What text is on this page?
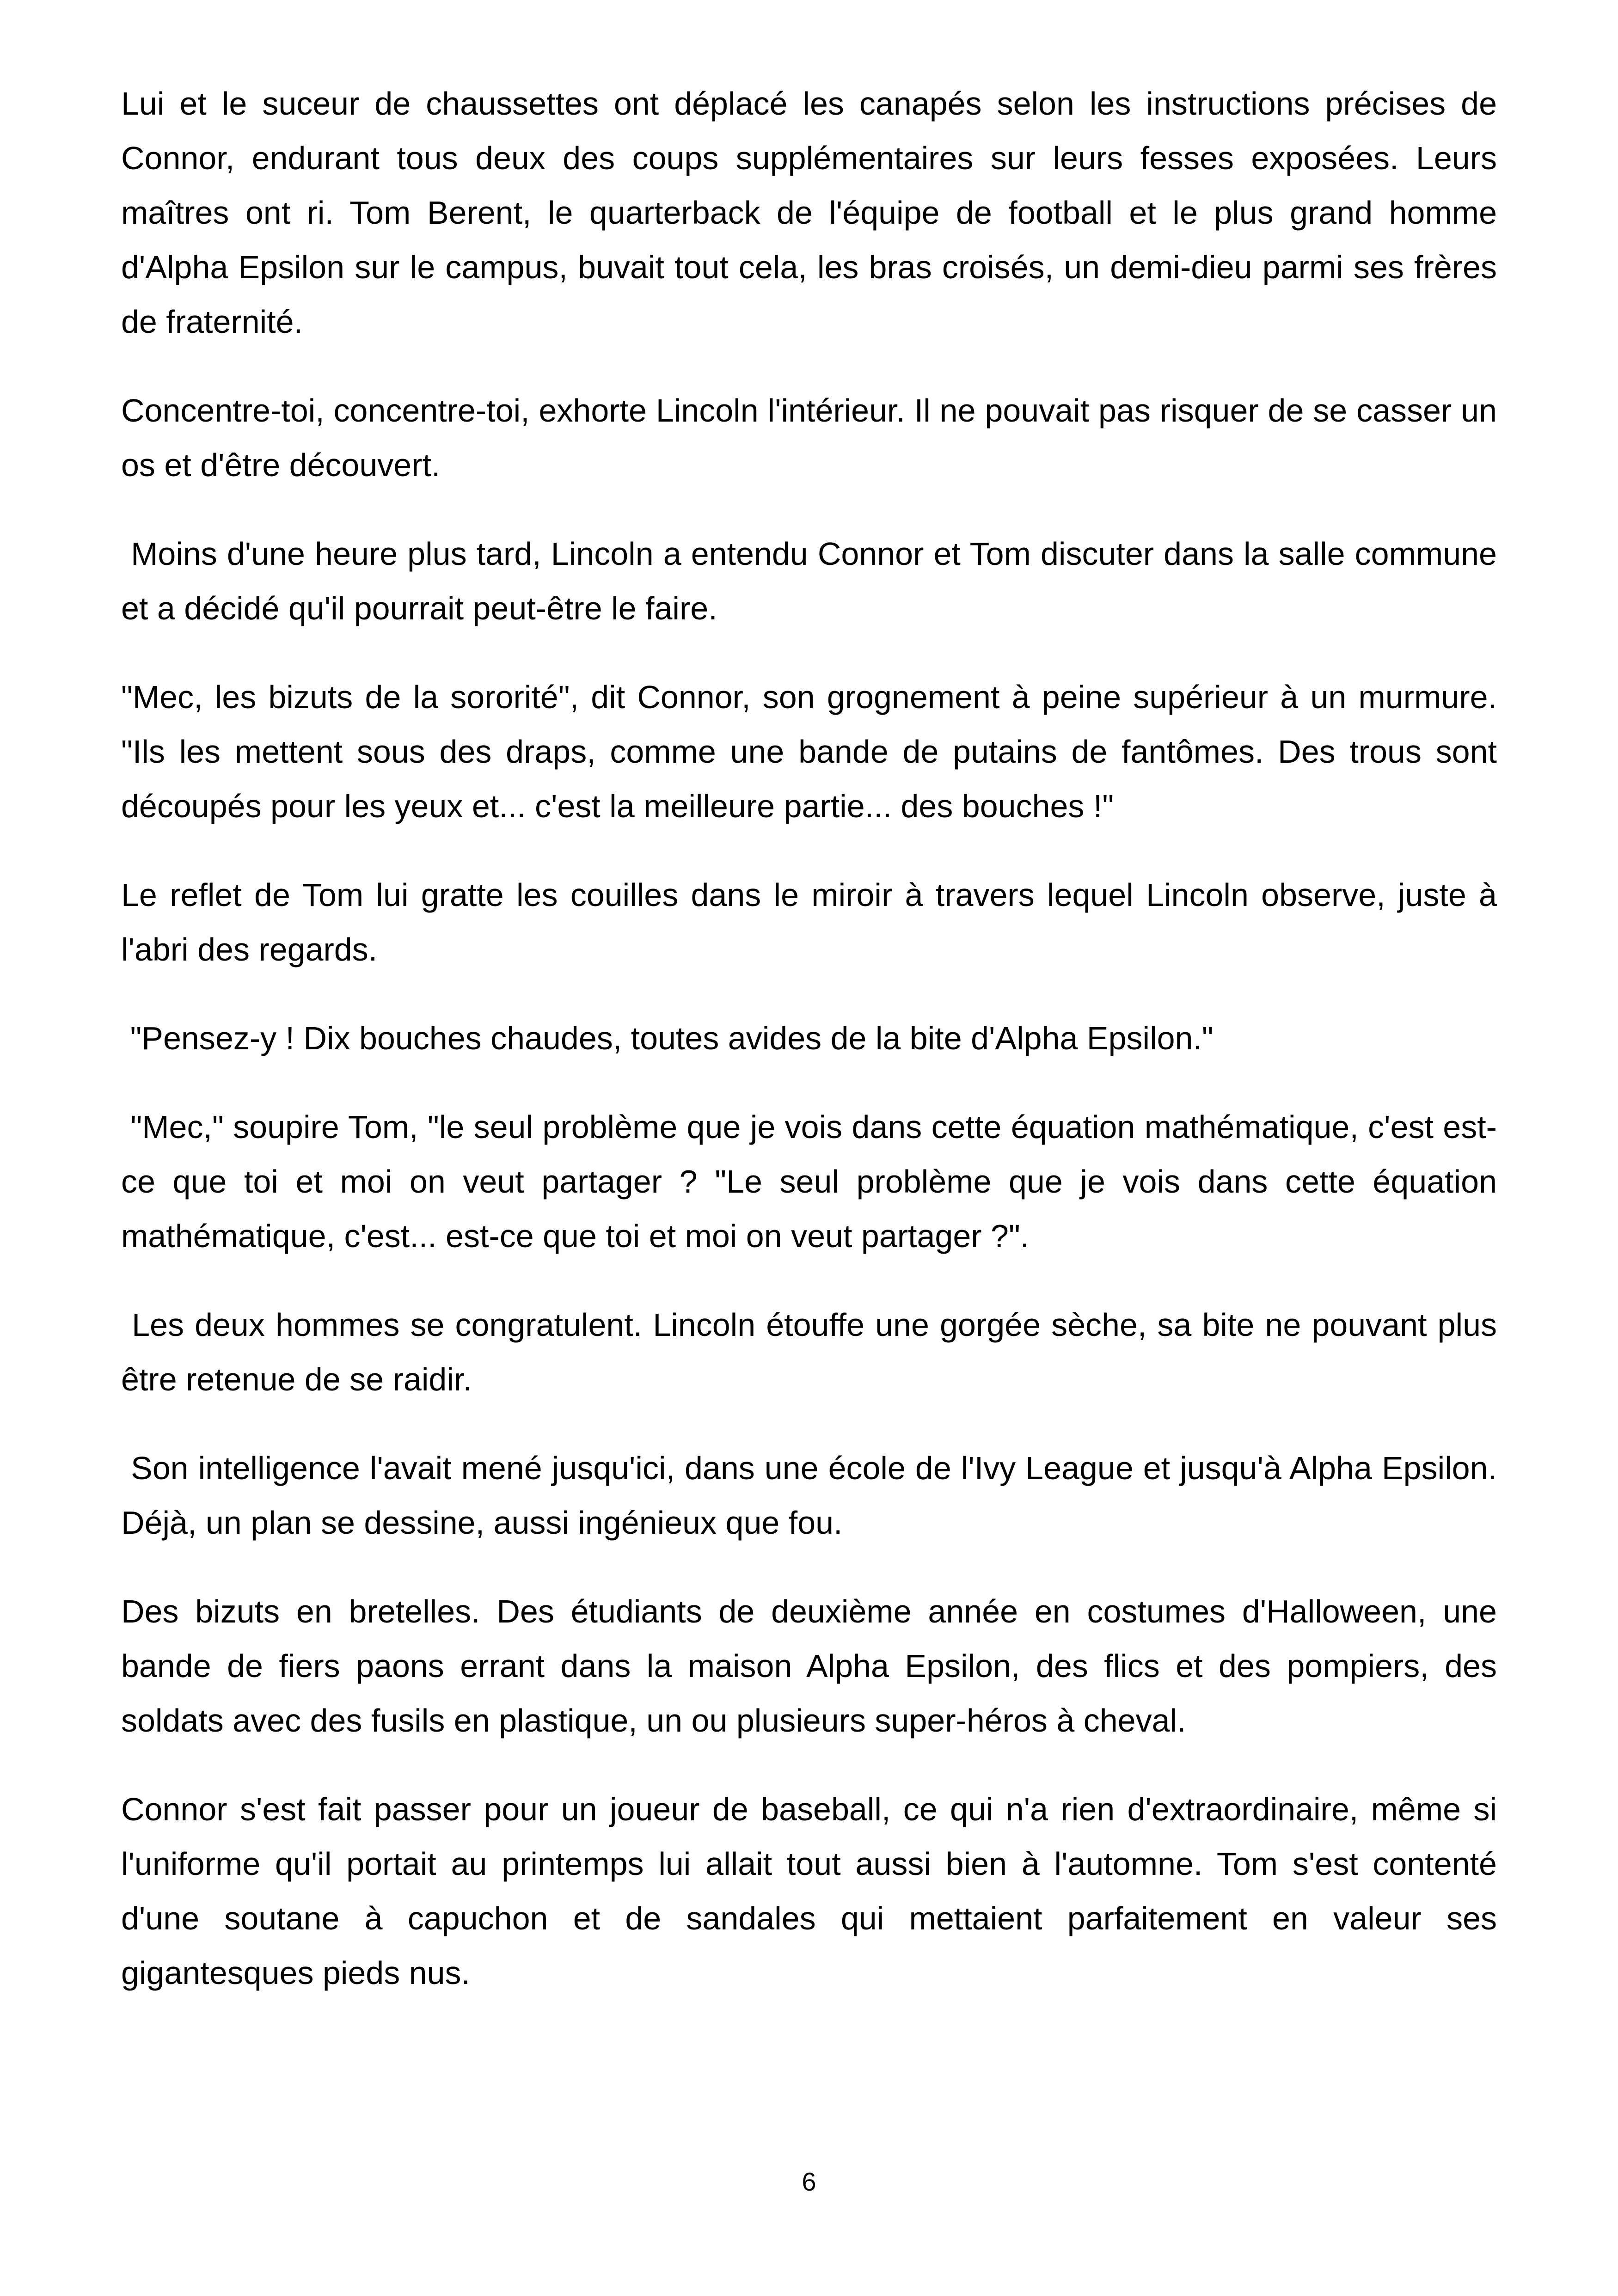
Lui et le suceur de chaussettes ont déplacé les canapés selon les instructions précises de Connor, endurant tous deux des coups supplémentaires sur leurs fesses exposées. Leurs maîtres ont ri. Tom Berent, le quarterback de l'équipe de football et le plus grand homme d'Alpha Epsilon sur le campus, buvait tout cela, les bras croisés, un demi-dieu parmi ses frères de fraternité.

Concentre-toi, concentre-toi, exhorte Lincoln l'intérieur. Il ne pouvait pas risquer de se casser un os et d'être découvert.

Moins d'une heure plus tard, Lincoln a entendu Connor et Tom discuter dans la salle commune et a décidé qu'il pourrait peut-être le faire.

"Mec, les bizuts de la sororité", dit Connor, son grognement à peine supérieur à un murmure. "Ils les mettent sous des draps, comme une bande de putains de fantômes. Des trous sont découpés pour les yeux et... c'est la meilleure partie... des bouches !"

Le reflet de Tom lui gratte les couilles dans le miroir à travers lequel Lincoln observe, juste à l'abri des regards.

"Pensez-y ! Dix bouches chaudes, toutes avides de la bite d'Alpha Epsilon."

"Mec," soupire Tom, "le seul problème que je vois dans cette équation mathématique, c'est est-ce que toi et moi on veut partager ? "Le seul problème que je vois dans cette équation mathématique, c'est... est-ce que toi et moi on veut partager ?".

Les deux hommes se congratulent. Lincoln étouffe une gorgée sèche, sa bite ne pouvant plus être retenue de se raidir.

Son intelligence l'avait mené jusqu'ici, dans une école de l'Ivy League et jusqu'à Alpha Epsilon. Déjà, un plan se dessine, aussi ingénieux que fou.

Des bizuts en bretelles. Des étudiants de deuxième année en costumes d'Halloween, une bande de fiers paons errant dans la maison Alpha Epsilon, des flics et des pompiers, des soldats avec des fusils en plastique, un ou plusieurs super-héros à cheval.

Connor s'est fait passer pour un joueur de baseball, ce qui n'a rien d'extraordinaire, même si l'uniforme qu'il portait au printemps lui allait tout aussi bien à l'automne. Tom s'est contenté d'une soutane à capuchon et de sandales qui mettaient parfaitement en valeur ses gigantesques pieds nus.

6
